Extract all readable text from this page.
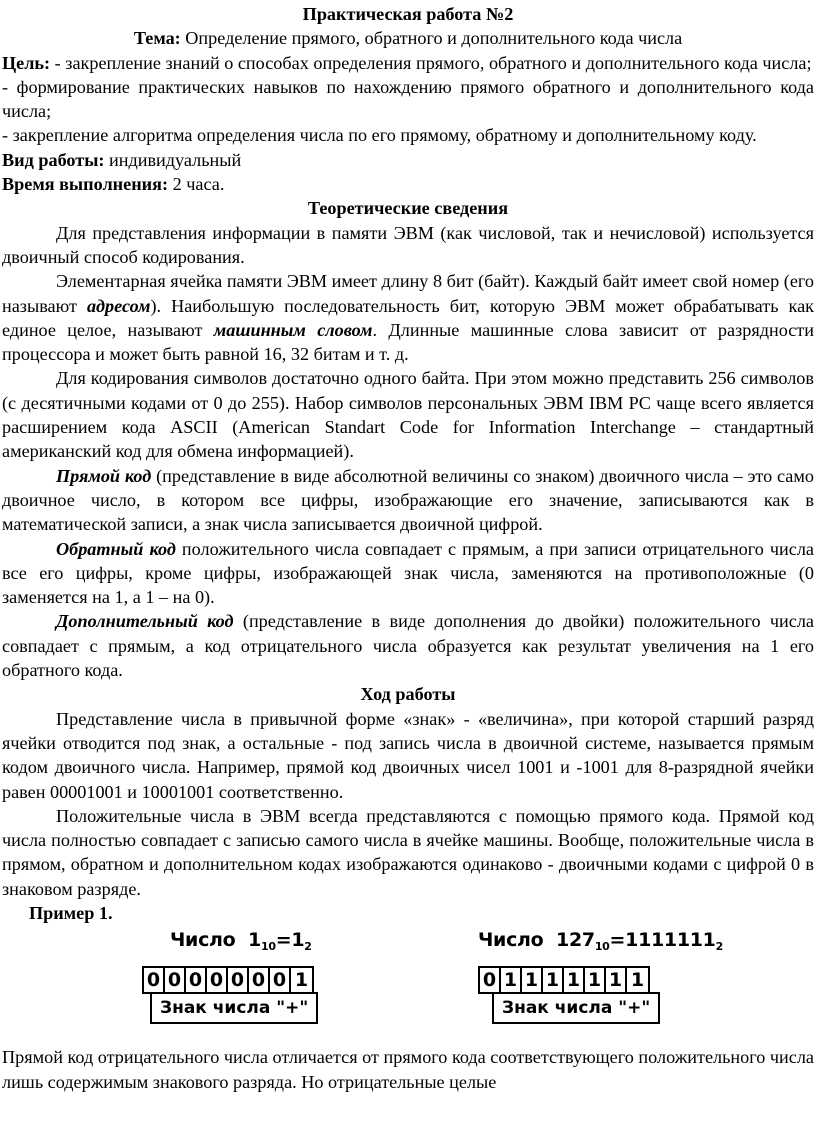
Практическая работа №2

Тема: Определение прямого, обратного и дополнительного кода числа

Цель: - закрепление знаний о способах определения прямого, обратного и дополнительного кода числа;

- формирование практических навыков по нахождению прямого обратного и дополнительного кода числа;

- закрепление алгоритма определения числа по его прямому, обратному и дополнительному коду.

Вид работы: индивидуальный

Время выполнения: 2 часа.

Теоретические сведения

Для представления информации в памяти ЭВМ (как числовой, так и нечисловой) используется двоичный способ кодирования.

Элементарная ячейка памяти ЭВМ имеет длину 8 бит (байт). Каждый байт имеет свой номер (его называют адресом). Наибольшую последовательность бит, которую ЭВМ может обрабатывать как единое целое, называют машинным словом. Длинные машинные слова зависит от разрядности процессора и может быть равной 16, 32 битам и т. д.

Для кодирования символов достаточно одного байта. При этом можно представить 256 символов (с десятичными кодами от 0 до 255). Набор символов персональных ЭВМ IBM PC чаще всего является расширением кода ASCII (American Standart Code for Information Interchange – стандартный американский код для обмена информацией).

Прямой код (представление в виде абсолютной величины со знаком) двоичного числа – это само двоичное число, в котором все цифры, изображающие его значение, записываются как в математической записи, а знак числа записывается двоичной цифрой.

Обратный код положительного числа совпадает с прямым, а при записи отрицательного числа все его цифры, кроме цифры, изображающей знак числа, заменяются на противоположные (0 заменяется на 1, а 1 – на 0).

Дополнительный код (представление в виде дополнения до двойки) положительного числа совпадает с прямым, а код отрицательного числа образуется как результат увеличения на 1 его обратного кода.

Ход работы

Представление числа в привычной форме «знак» - «величина», при которой старший разряд ячейки отводится под знак, а остальные - под запись числа в двоичной системе, называется прямым кодом двоичного числа. Например, прямой код двоичных чисел 1001 и -1001 для 8-разрядной ячейки равен 00001001 и 10001001 соответственно.

Положительные числа в ЭВМ всегда представляются с помощью прямого кода. Прямой код числа полностью совпадает с записью самого числа в ячейке машины. Вообще, положительные числа в прямом, обратном и дополнительном кодах изображаются одинаково - двоичными кодами с цифрой 0 в знаковом разряде.

Пример 1.

Число $1_{10}=1_2$
0 0 0 0 0 0 0 1
Знак числа "+"
Число $127_{10}=1111111_2$
0 1 1 1 1 1 1 1
Знак числа "+"

Прямой код отрицательного числа отличается от прямого кода соответствующего положительного числа лишь содержимым знакового разряда. Но отрицательные целые
